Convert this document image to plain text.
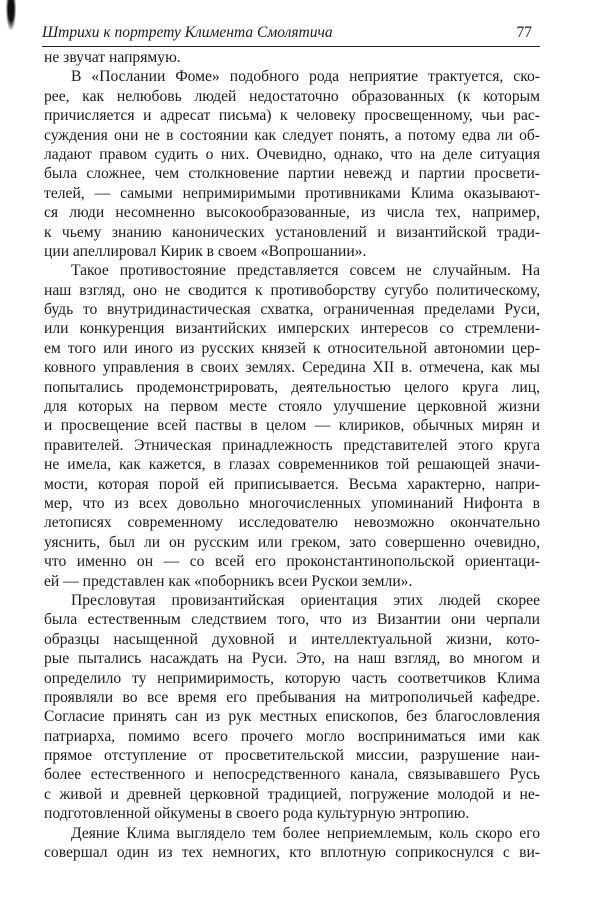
Штрихи к портрету Климента Смолятича	77
не звучат напрямую.
В «Послании Фоме» подобного рода неприятие трактуется, ско-
рее, как нелюбовь людей недостаточно образованных (к которым
причисляется и адресат письма) к человеку просвещенному, чьи рас-
суждения они не в состоянии как следует понять, а потому едва ли об-
ладают правом судить о них. Очевидно, однако, что на деле ситуация
была сложнее, чем столкновение партии невежд и партии просвети-
телей, — самыми непримиримыми противниками Клима оказывают-
ся люди несомненно высокообразованные, из числа тех, например,
к чьему знанию канонических установлений и византийской тради-
ции апеллировал Кирик в своем «Вопрошании».
Такое противостояние представляется совсем не случайным. На
наш взгляд, оно не сводится к противоборству сугубо политическому,
будь то внутридинастическая схватка, ограниченная пределами Руси,
или конкуренция византийских имперских интересов со стремлени-
ем того или иного из русских князей к относительной автономии цер-
ковного управления в своих землях. Середина XII в. отмечена, как мы
попытались продемонстрировать, деятельностью целого круга лиц,
для которых на первом месте стояло улучшение церковной жизни
и просвещение всей паствы в целом — клириков, обычных мирян и
правителей. Этническая принадлежность представителей этого круга
не имела, как кажется, в глазах современников той решающей значи-
мости, которая порой ей приписывается. Весьма характерно, напри-
мер, что из всех довольно многочисленных упоминаний Нифонта в
летописях современному исследователю невозможно окончательно
уяснить, был ли он русским или греком, зато совершенно очевидно,
что именно он — со всей его проконстантинопольской ориентаци-
ей — представлен как «поборникъ всеи Рускои земли».
Пресловутая провизантийская ориентация этих людей скорее
была естественным следствием того, что из Византии они черпали
образцы насыщенной духовной и интеллектуальной жизни, кото-
рые пытались насаждать на Руси. Это, на наш взгляд, во многом и
определило ту непримиримость, которую часть соответчиков Клима
проявляли во все время его пребывания на митрополичьей кафедре.
Согласие принять сан из рук местных епископов, без благословления
патриарха, помимо всего прочего могло восприниматься ими как
прямое отступление от просветительской миссии, разрушение наи-
более естественного и непосредственного канала, связывавшего Русь
с живой и древней церковной традицией, погружение молодой и не-
подготовленной ойкумены в своего рода культурную энтропию.
Деяние Клима выглядело тем более неприемлемым, коль скоро его
совершал один из тех немногих, кто вплотную соприкоснулся с ви-
